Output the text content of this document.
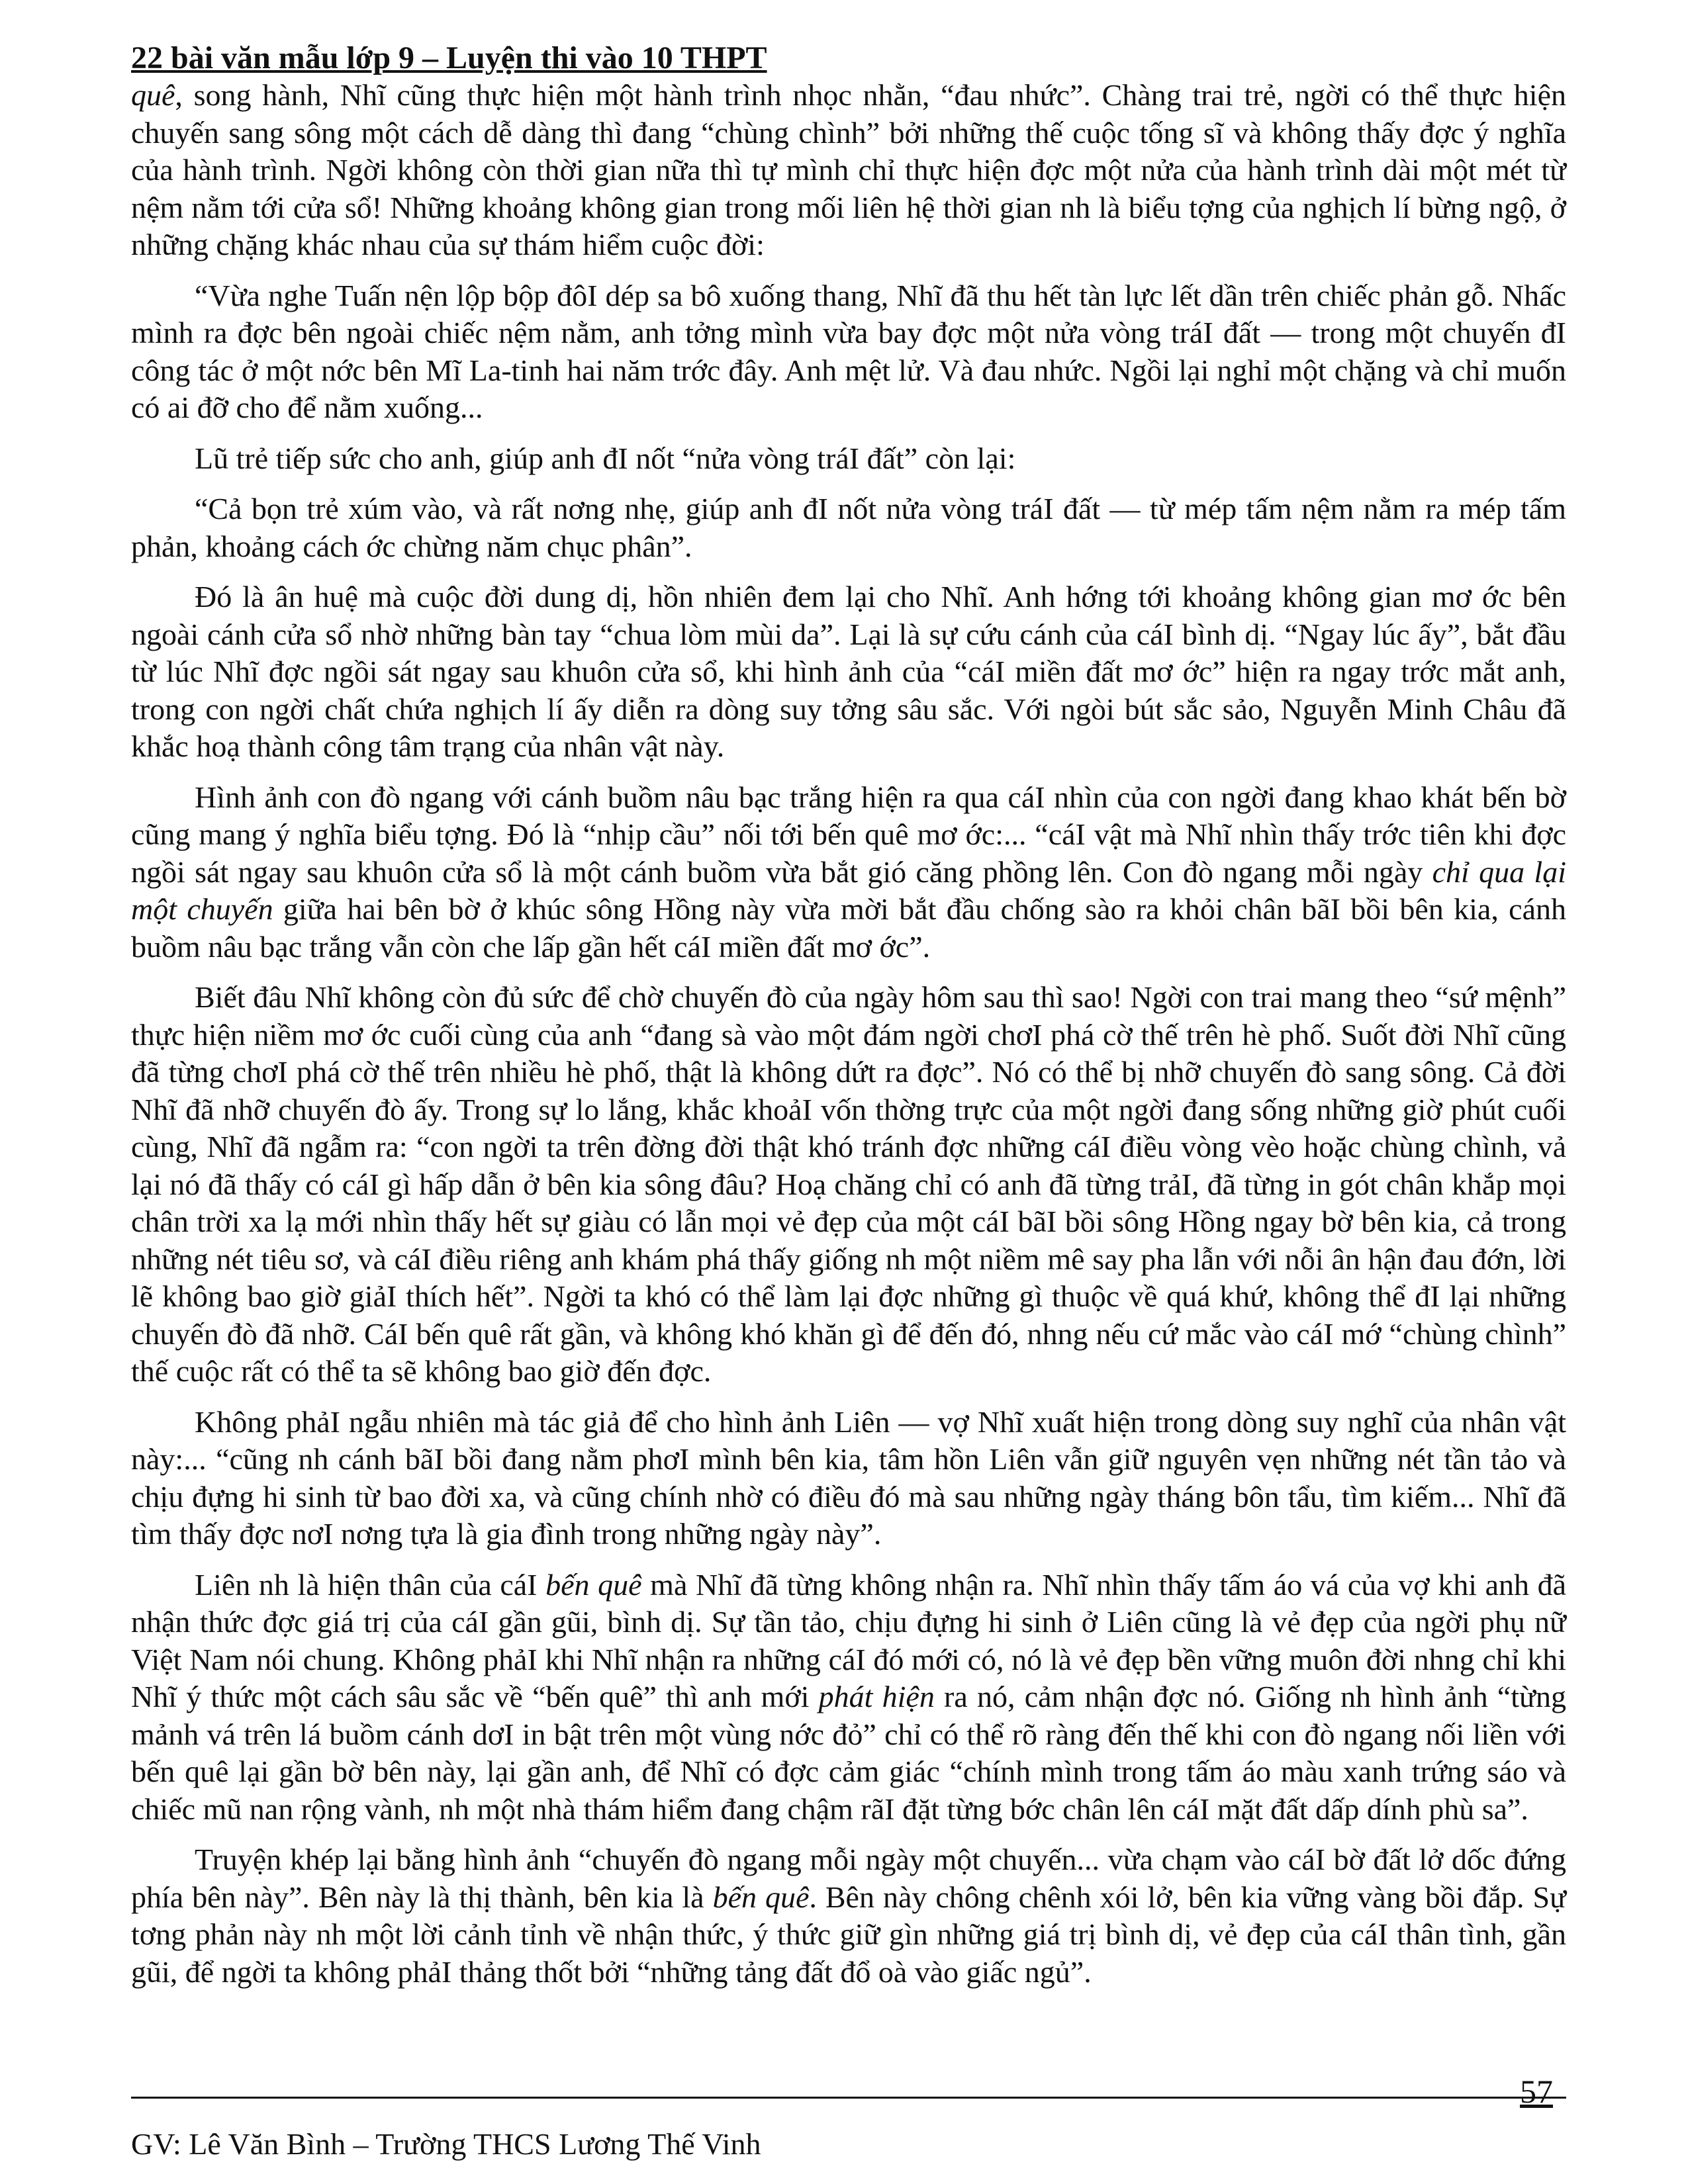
22 bài văn mẫu lớp 9 – Luyện thi vào 10 THPT

quê, song hành, Nhĩ cũng thực hiện một hành trình nhọc nhằn, “đau nhức”. Chàng trai trẻ, ngời có thể thực hiện chuyến sang sông một cách dễ dàng thì đang “chùng chình” bởi những thế cuộc tống sĩ và không thấy đợc ý nghĩa của hành trình. Ngời không còn thời gian nữa thì tự mình chỉ thực hiện đợc một nửa của hành trình dài một mét từ nệm nằm tới cửa sổ! Những khoảng không gian trong mối liên hệ thời gian nh là biểu tợng của nghịch lí bừng ngộ, ở những chặng khác nhau của sự thám hiểm cuộc đời:

“Vừa nghe Tuấn nện lộp bộp đôI dép sa bô xuống thang, Nhĩ đã thu hết tàn lực lết dần trên chiếc phản gỗ. Nhấc mình ra đợc bên ngoài chiếc nệm nằm, anh tởng mình vừa bay đợc một nửa vòng tráI đất — trong một chuyến đI công tác ở một nớc bên Mĩ La-tinh hai năm trớc đây. Anh mệt lử. Và đau nhức. Ngồi lại nghỉ một chặng và chỉ muốn có ai đỡ cho để nằm xuống...

Lũ trẻ tiếp sức cho anh, giúp anh đI nốt “nửa vòng tráI đất” còn lại:

“Cả bọn trẻ xúm vào, và rất nơng nhẹ, giúp anh đI nốt nửa vòng tráI đất — từ mép tấm nệm nằm ra mép tấm phản, khoảng cách ớc chừng năm chục phân”.

Đó là ân huệ mà cuộc đời dung dị, hồn nhiên đem lại cho Nhĩ. Anh hớng tới khoảng không gian mơ ớc bên ngoài cánh cửa sổ nhờ những bàn tay “chua lòm mùi da”. Lại là sự cứu cánh của cáI bình dị. “Ngay lúc ấy”, bắt đầu từ lúc Nhĩ đợc ngồi sát ngay sau khuôn cửa sổ, khi hình ảnh của “cáI miền đất mơ ớc” hiện ra ngay trớc mắt anh, trong con ngời chất chứa nghịch lí ấy diễn ra dòng suy tởng sâu sắc. Với ngòi bút sắc sảo, Nguyễn Minh Châu đã khắc hoạ thành công tâm trạng của nhân vật này.

Hình ảnh con đò ngang với cánh buồm nâu bạc trắng hiện ra qua cáI nhìn của con ngời đang khao khát bến bờ cũng mang ý nghĩa biểu tợng. Đó là “nhịp cầu” nối tới bến quê mơ ớc:... “cáI vật mà Nhĩ nhìn thấy trớc tiên khi đợc ngồi sát ngay sau khuôn cửa sổ là một cánh buồm vừa bắt gió căng phồng lên. Con đò ngang mỗi ngày chỉ qua lại một chuyến giữa hai bên bờ ở khúc sông Hồng này vừa mời bắt đầu chống sào ra khỏi chân bãI bồi bên kia, cánh buồm nâu bạc trắng vẫn còn che lấp gần hết cáI miền đất mơ ớc”.

Biết đâu Nhĩ không còn đủ sức để chờ chuyến đò của ngày hôm sau thì sao! Ngời con trai mang theo “sứ mệnh” thực hiện niềm mơ ớc cuối cùng của anh “đang sà vào một đám ngời chơI phá cờ thế trên hè phố. Suốt đời Nhĩ cũng đã từng chơI phá cờ thế trên nhiều hè phố, thật là không dứt ra đợc”. Nó có thể bị nhỡ chuyến đò sang sông. Cả đời Nhĩ đã nhỡ chuyến đò ấy. Trong sự lo lắng, khắc khoảI vốn thờng trực của một ngời đang sống những giờ phút cuối cùng, Nhĩ đã ngẫm ra: “con ngời ta trên đờng đời thật khó tránh đợc những cáI điều vòng vèo hoặc chùng chình, vả lại nó đã thấy có cáI gì hấp dẫn ở bên kia sông đâu? Hoạ chăng chỉ có anh đã từng trảI, đã từng in gót chân khắp mọi chân trời xa lạ mới nhìn thấy hết sự giàu có lẫn mọi vẻ đẹp của một cáI bãI bồi sông Hồng ngay bờ bên kia, cả trong những nét tiêu sơ, và cáI điều riêng anh khám phá thấy giống nh một niềm mê say pha lẫn với nỗi ân hận đau đớn, lời lẽ không bao giờ giảI thích hết”. Ngời ta khó có thể làm lại đợc những gì thuộc về quá khứ, không thể đI lại những chuyến đò đã nhỡ. CáI bến quê rất gần, và không khó khăn gì để đến đó, nhng nếu cứ mắc vào cáI mớ “chùng chình” thế cuộc rất có thể ta sẽ không bao giờ đến đợc.

Không phảI ngẫu nhiên mà tác giả để cho hình ảnh Liên — vợ Nhĩ xuất hiện trong dòng suy nghĩ của nhân vật này:... “cũng nh cánh bãI bồi đang nằm phơI mình bên kia, tâm hồn Liên vẫn giữ nguyên vẹn những nét tần tảo và chịu đựng hi sinh từ bao đời xa, và cũng chính nhờ có điều đó mà sau những ngày tháng bôn tẩu, tìm kiếm... Nhĩ đã tìm thấy đợc nơI nơng tựa là gia đình trong những ngày này”.

Liên nh là hiện thân của cáI bến quê mà Nhĩ đã từng không nhận ra. Nhĩ nhìn thấy tấm áo vá của vợ khi anh đã nhận thức đợc giá trị của cáI gần gũi, bình dị. Sự tần tảo, chịu đựng hi sinh ở Liên cũng là vẻ đẹp của ngời phụ nữ Việt Nam nói chung. Không phảI khi Nhĩ nhận ra những cáI đó mới có, nó là vẻ đẹp bền vững muôn đời nhng chỉ khi Nhĩ ý thức một cách sâu sắc về “bến quê” thì anh mới phát hiện ra nó, cảm nhận đợc nó. Giống nh hình ảnh “từng mảnh vá trên lá buồm cánh dơI in bật trên một vùng nớc đỏ” chỉ có thể rõ ràng đến thế khi con đò ngang nối liền với bến quê lại gần bờ bên này, lại gần anh, để Nhĩ có đợc cảm giác “chính mình trong tấm áo màu xanh trứng sáo và chiếc mũ nan rộng vành, nh một nhà thám hiểm đang chậm rãI đặt từng bớc chân lên cáI mặt đất dấp dính phù sa”.

Truyện khép lại bằng hình ảnh “chuyến đò ngang mỗi ngày một chuyến... vừa chạm vào cáI bờ đất lở dốc đứng phía bên này”. Bên này là thị thành, bên kia là bến quê. Bên này chông chênh xói lở, bên kia vững vàng bồi đắp. Sự tơng phản này nh một lời cảnh tỉnh về nhận thức, ý thức giữ gìn những giá trị bình dị, vẻ đẹp của cáI thân tình, gần gũi, để ngời ta không phảI thảng thốt bởi “những tảng đất đổ oà vào giấc ngủ”.

57
GV: Lê Văn Bình – Trường THCS Lương Thế Vinh
